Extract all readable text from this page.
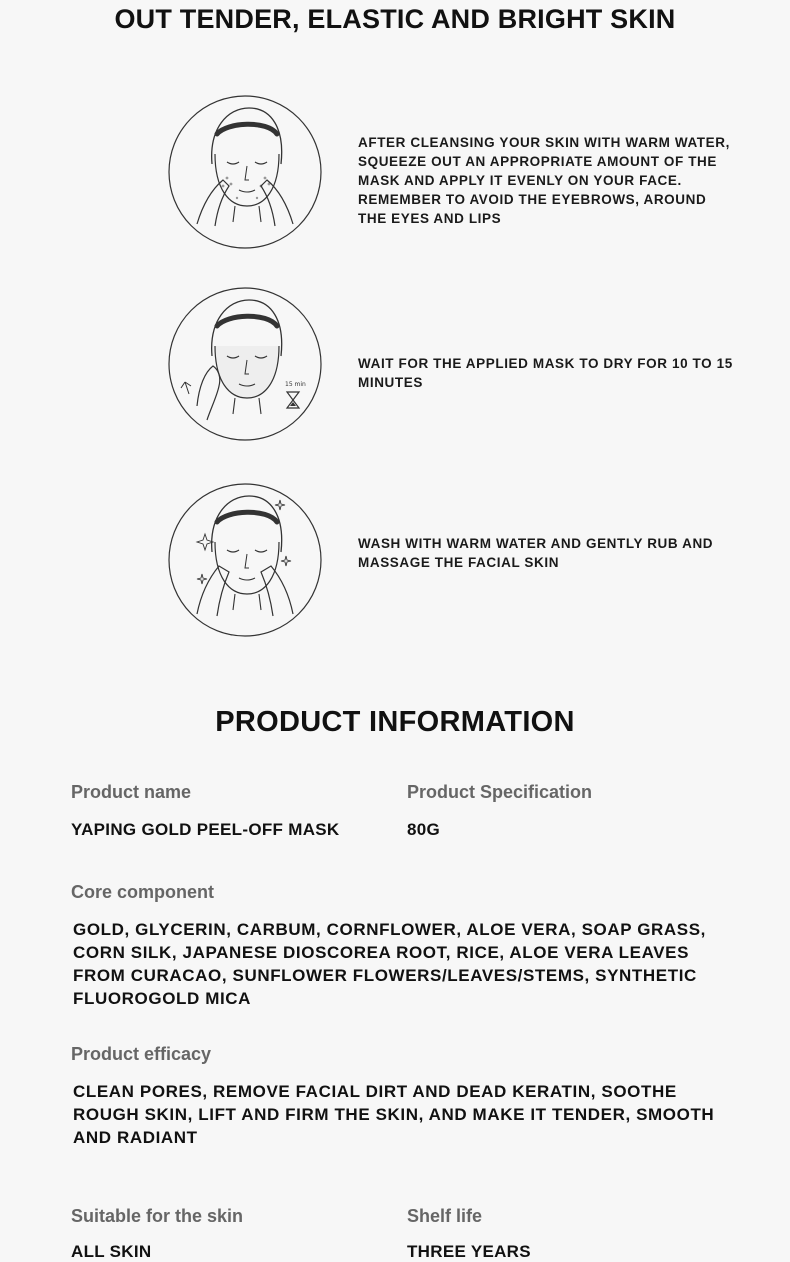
OUT TENDER, ELASTIC AND BRIGHT SKIN
AFTER CLEANSING YOUR SKIN WITH WARM WATER, SQUEEZE OUT AN APPROPRIATE AMOUNT OF THE MASK AND APPLY IT EVENLY ON YOUR FACE. REMEMBER TO AVOID THE EYEBROWS, AROUND THE EYES AND LIPS
15 min
WAIT FOR THE APPLIED MASK TO DRY FOR 10 TO 15 MINUTES
WASH WITH WARM WATER AND GENTLY RUB AND MASSAGE THE FACIAL SKIN
PRODUCT INFORMATION
Product name
YAPING GOLD PEEL-OFF MASK
Product Specification
80G
Core component
GOLD, GLYCERIN, CARBUM, CORNFLOWER, ALOE VERA, SOAP GRASS, CORN SILK, JAPANESE DIOSCOREA ROOT, RICE, ALOE VERA LEAVES FROM CURACAO, SUNFLOWER FLOWERS/LEAVES/STEMS, SYNTHETIC FLUOROGOLD MICA
Product efficacy
CLEAN PORES, REMOVE FACIAL DIRT AND DEAD KERATIN, SOOTHE ROUGH SKIN, LIFT AND FIRM THE SKIN, AND MAKE IT TENDER, SMOOTH AND RADIANT
Suitable for the skin
ALL SKIN
Shelf life
THREE YEARS
